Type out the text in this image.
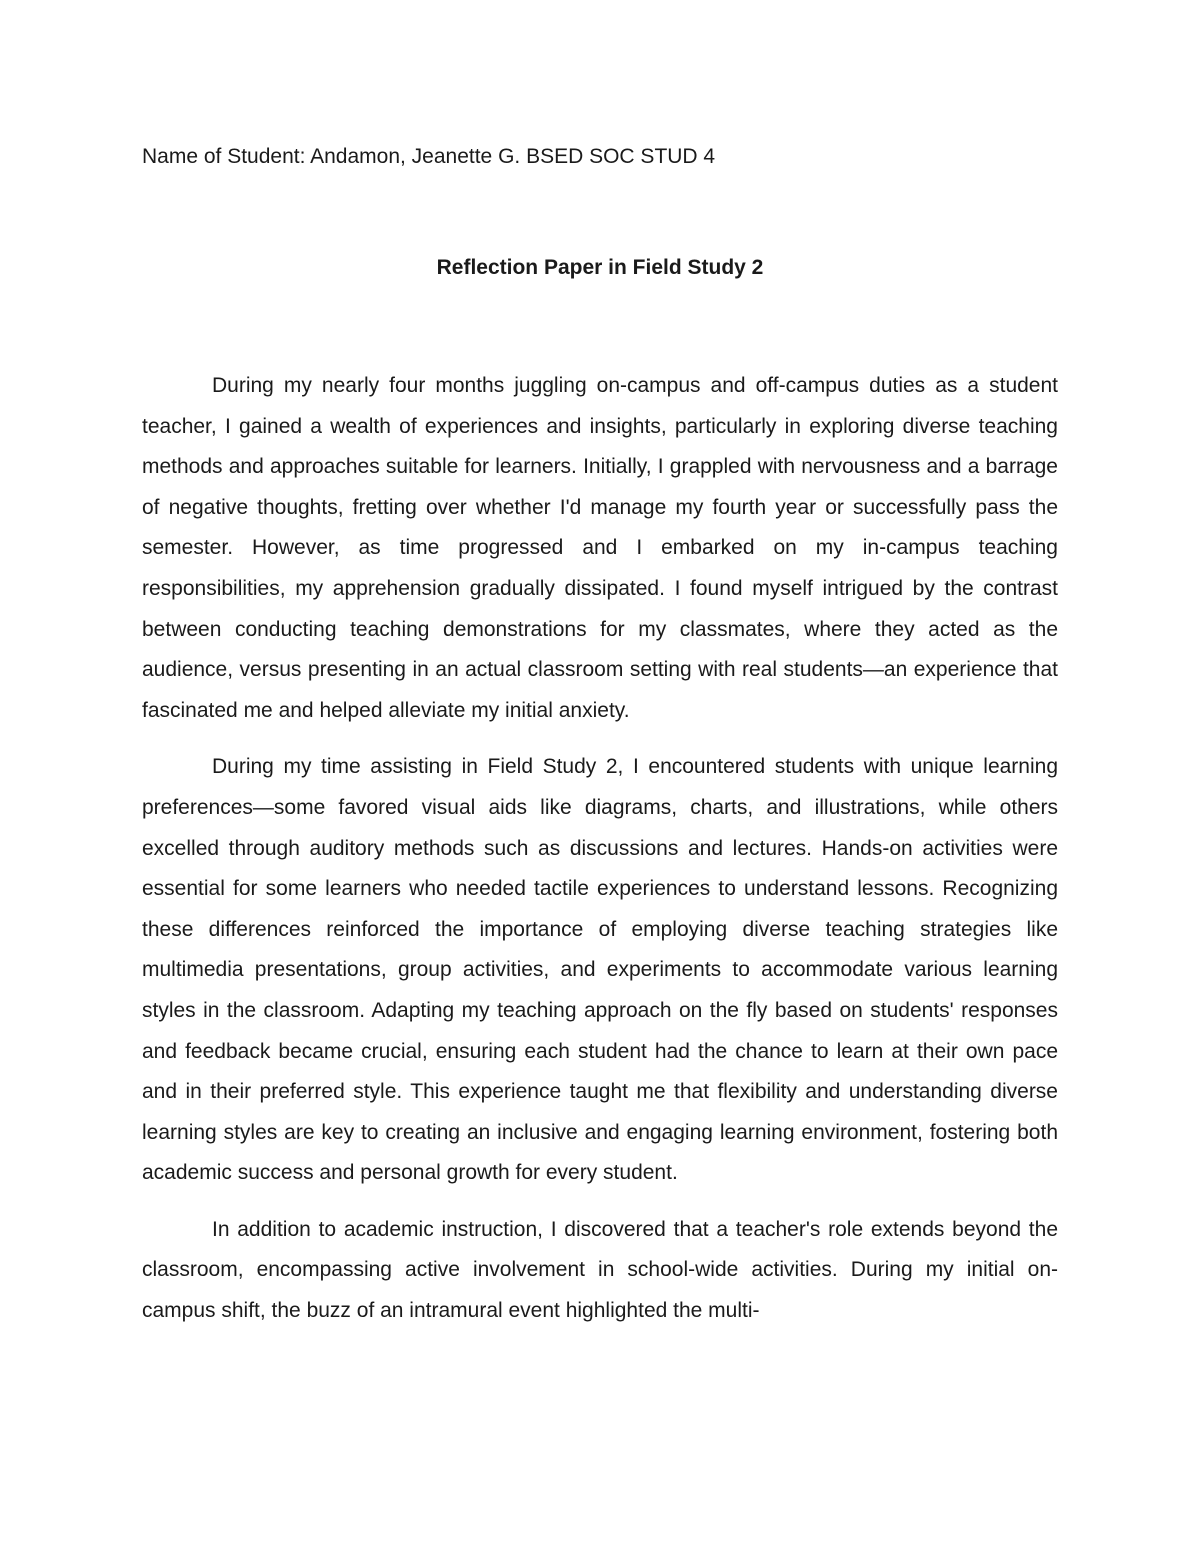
Name of Student: Andamon, Jeanette G. BSED SOC STUD 4
Reflection Paper in Field Study 2

During my nearly four months juggling on-campus and off-campus duties as a student teacher, I gained a wealth of experiences and insights, particularly in exploring diverse teaching methods and approaches suitable for learners. Initially, I grappled with nervousness and a barrage of negative thoughts, fretting over whether I'd manage my fourth year or successfully pass the semester. However, as time progressed and I embarked on my in-campus teaching responsibilities, my apprehension gradually dissipated. I found myself intrigued by the contrast between conducting teaching demonstrations for my classmates, where they acted as the audience, versus presenting in an actual classroom setting with real students—an experience that fascinated me and helped alleviate my initial anxiety.

During my time assisting in Field Study 2, I encountered students with unique learning preferences—some favored visual aids like diagrams, charts, and illustrations, while others excelled through auditory methods such as discussions and lectures. Hands-on activities were essential for some learners who needed tactile experiences to understand lessons. Recognizing these differences reinforced the importance of employing diverse teaching strategies like multimedia presentations, group activities, and experiments to accommodate various learning styles in the classroom. Adapting my teaching approach on the fly based on students' responses and feedback became crucial, ensuring each student had the chance to learn at their own pace and in their preferred style. This experience taught me that flexibility and understanding diverse learning styles are key to creating an inclusive and engaging learning environment, fostering both academic success and personal growth for every student.

In addition to academic instruction, I discovered that a teacher's role extends beyond the classroom, encompassing active involvement in school-wide activities. During my initial on-campus shift, the buzz of an intramural event highlighted the multi-
